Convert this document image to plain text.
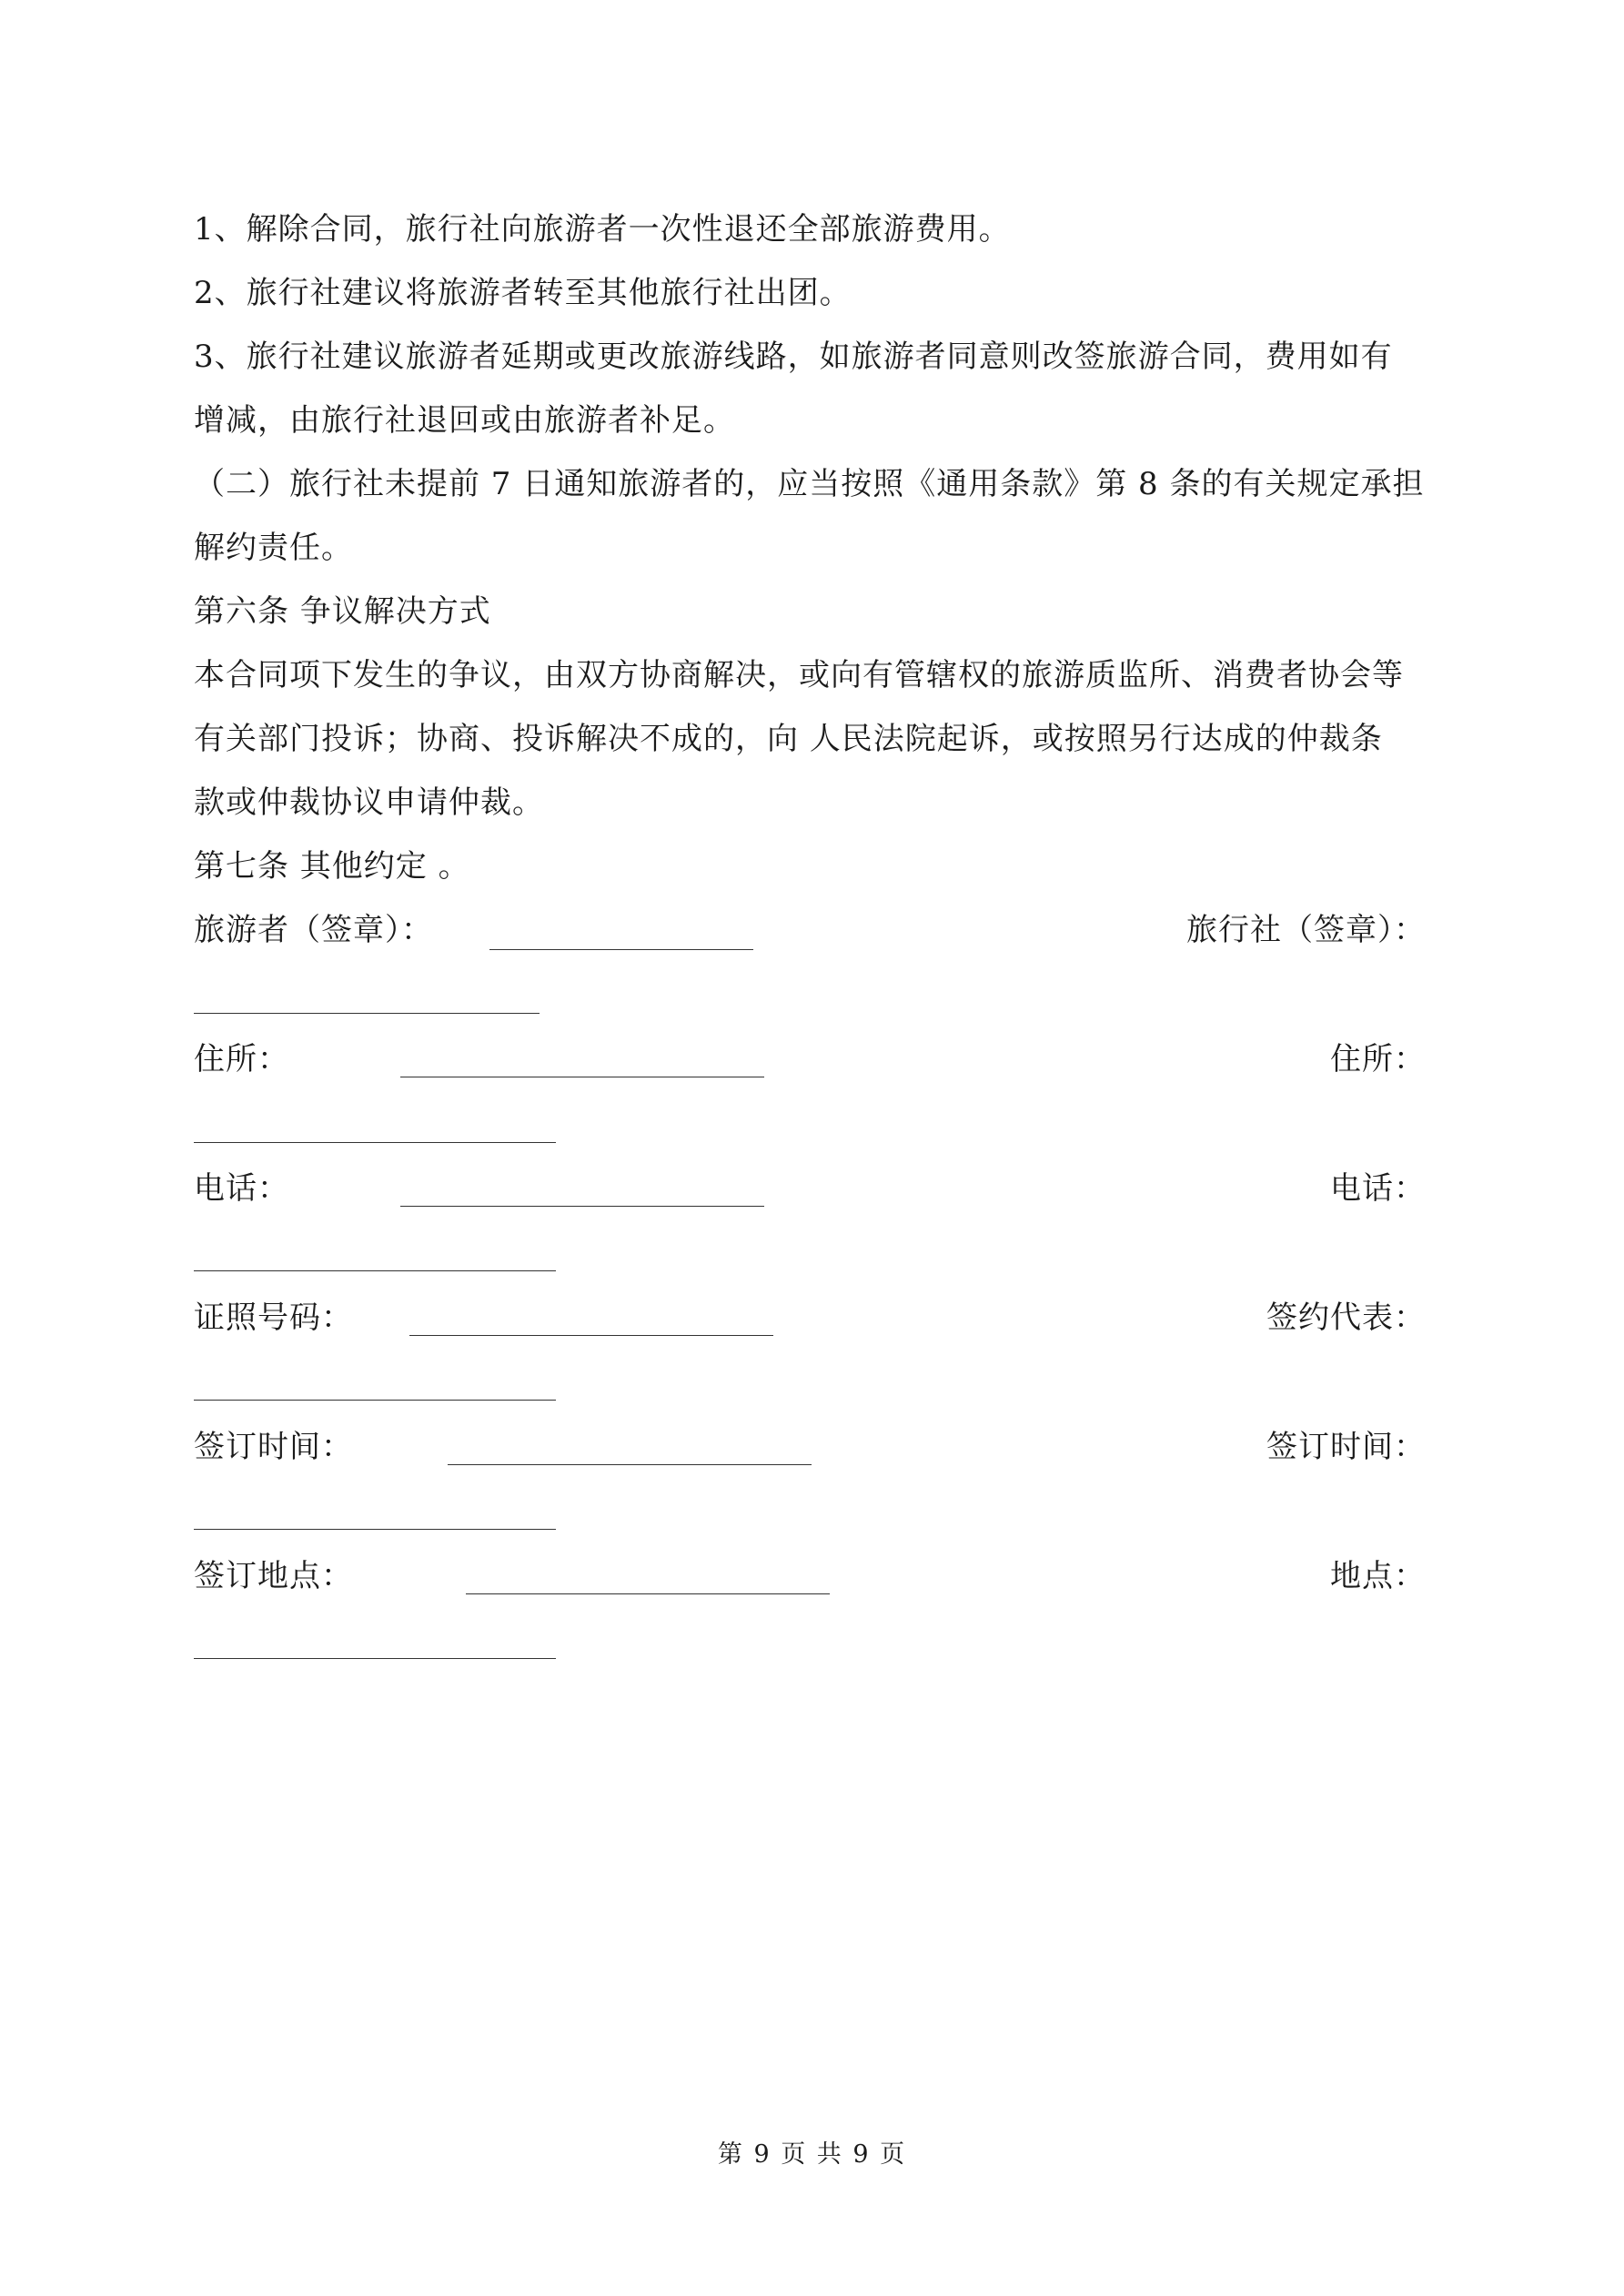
1、解除合同，旅行社向旅游者一次性退还全部旅游费用。
2、旅行社建议将旅游者转至其他旅行社出团。
3、旅行社建议旅游者延期或更改旅游线路，如旅游者同意则改签旅游合同，费用如有
增减，由旅行社退回或由旅游者补足。
（二）旅行社未提前 7 日通知旅游者的，应当按照《通用条款》第 8 条的有关规定承担
解约责任。
第六条 争议解决方式
本合同项下发生的争议，由双方协商解决，或向有管辖权的旅游质监所、消费者协会等
有关部门投诉；协商、投诉解决不成的，向 人民法院起诉，或按照另行达成的仲裁条
款或仲裁协议申请仲裁。
第七条 其他约定 。
旅游者（签章）：	旅行社（签章）：
住所：	住所：
电话：	电话：
证照号码：	签约代表：
签订时间：	签订时间：
签订地点：	地点：
第 9 页 共 9 页
